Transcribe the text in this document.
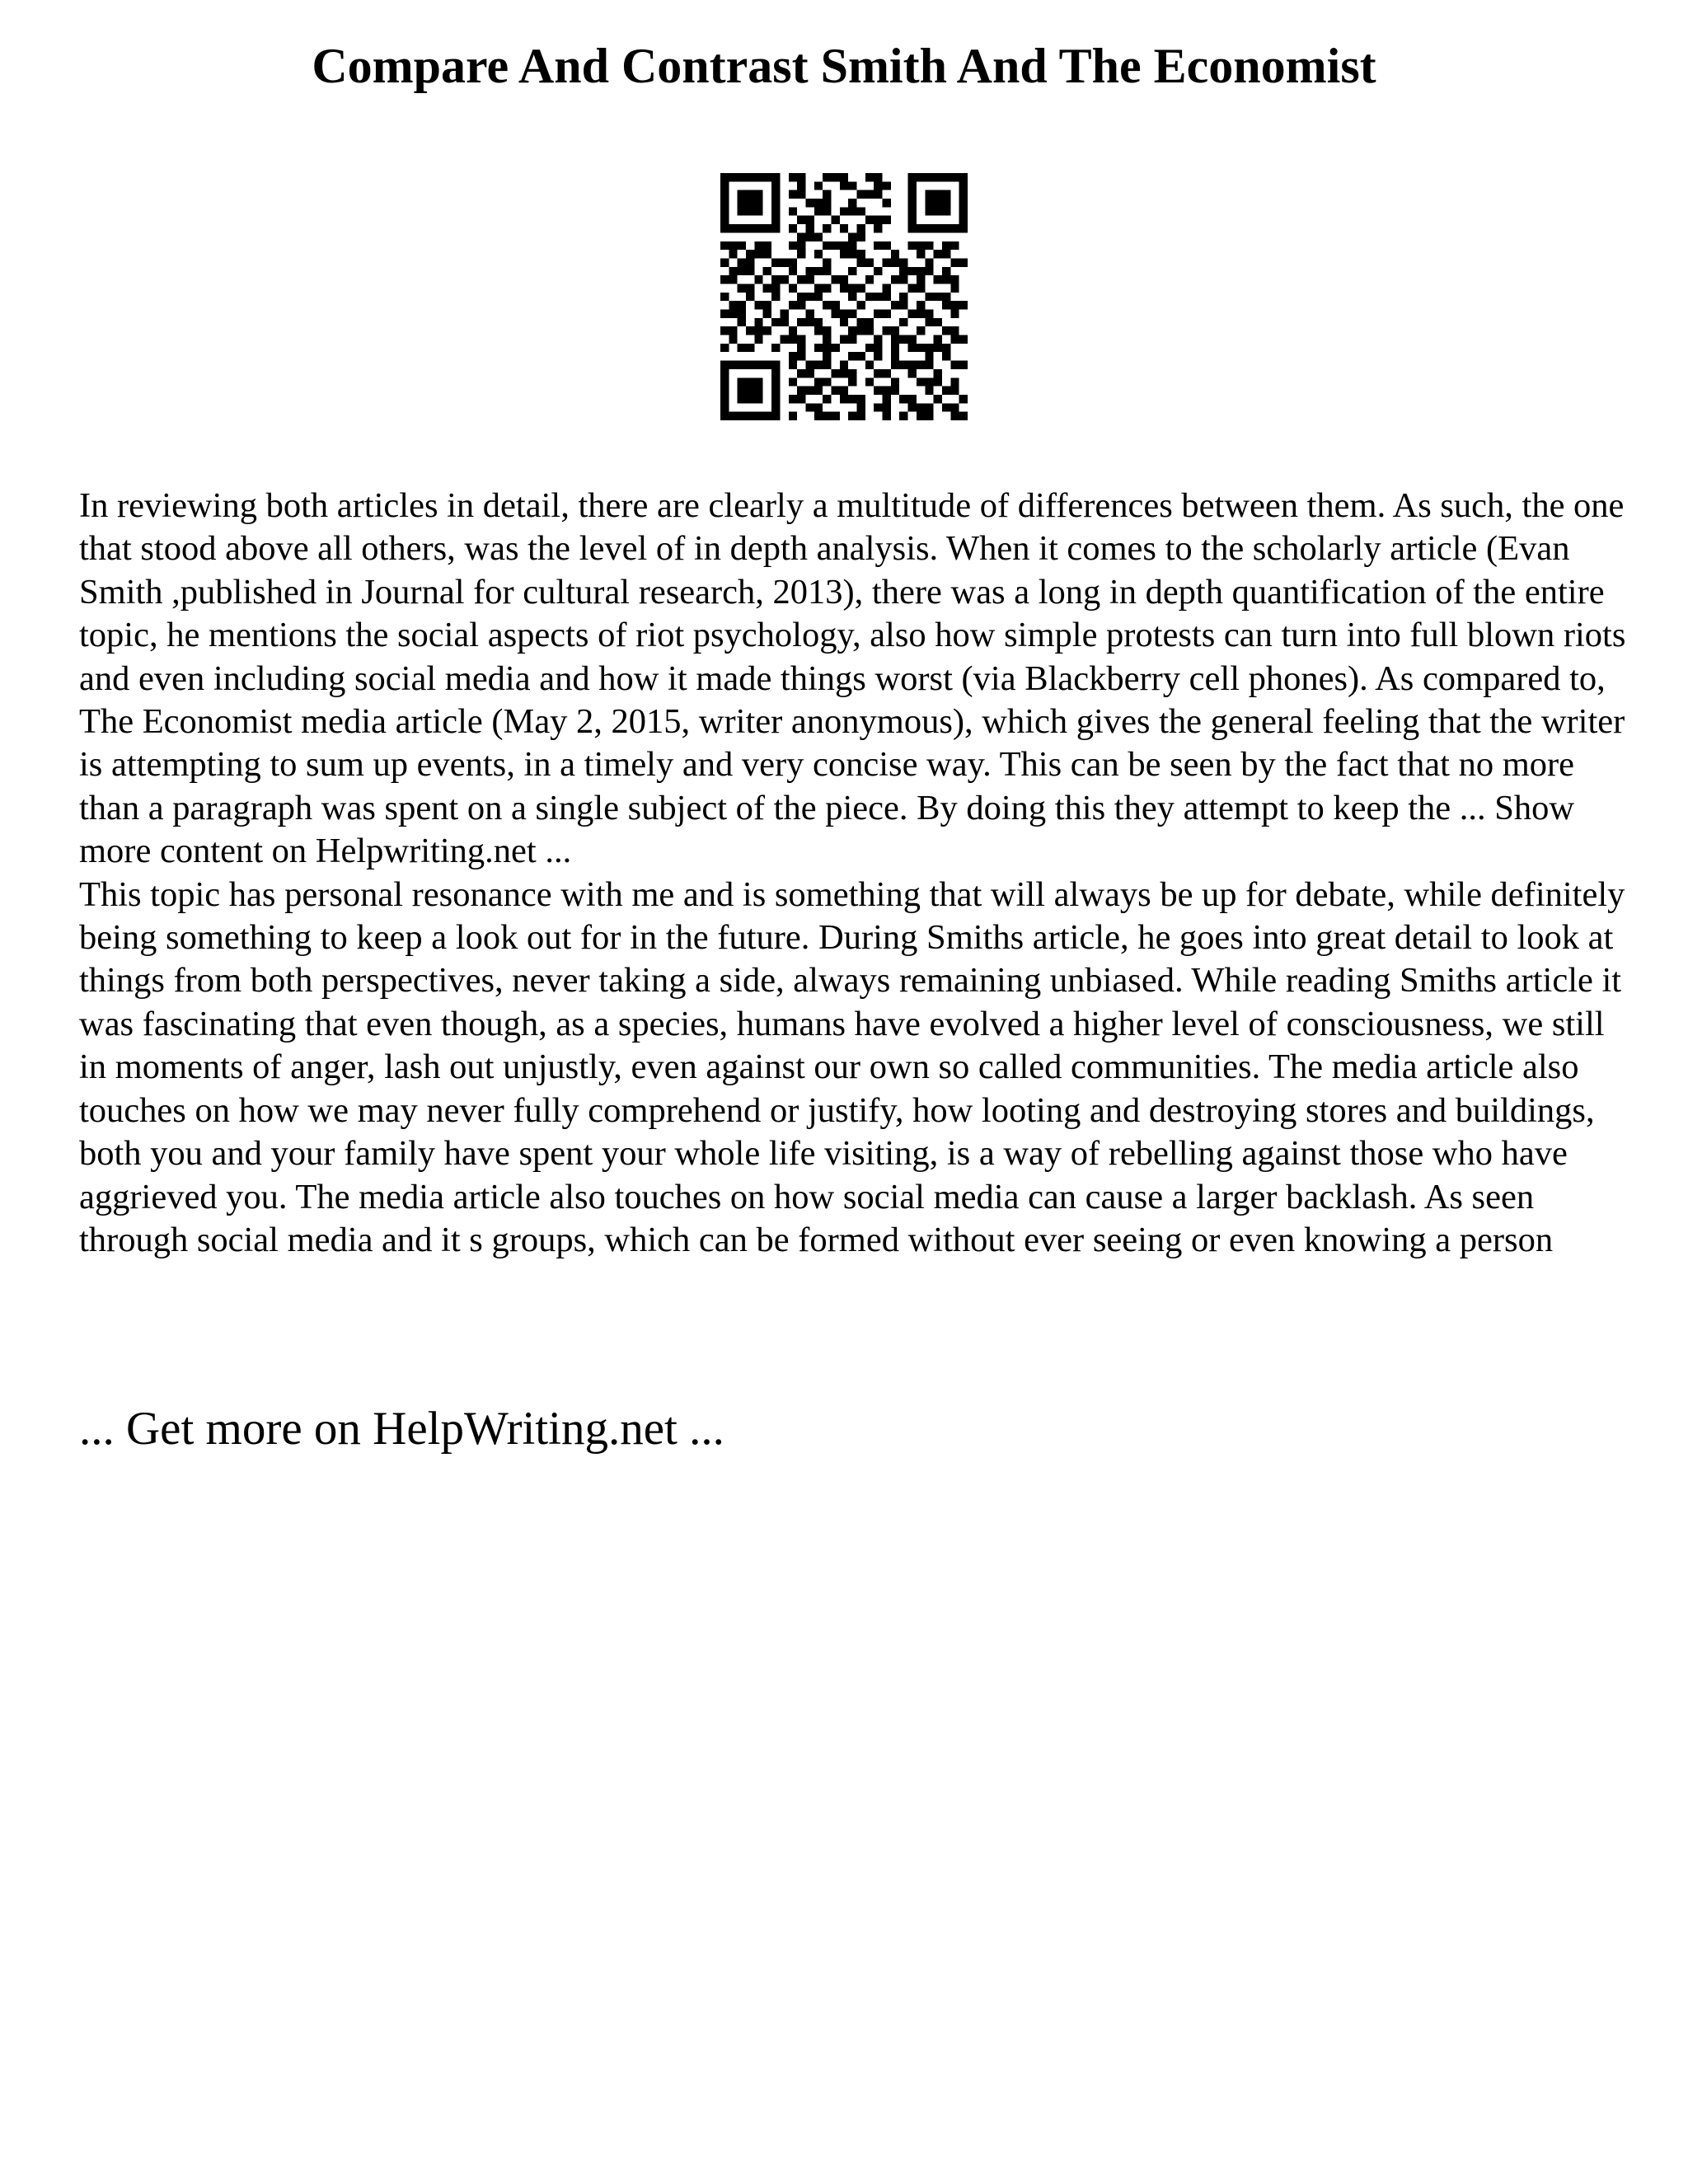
Compare And Contrast Smith And The Economist

In reviewing both articles in detail, there are clearly a multitude of differences between them. As such, the one that stood above all others, was the level of in depth analysis. When it comes to the scholarly article (Evan Smith ,published in Journal for cultural research, 2013), there was a long in depth quantification of the entire topic, he mentions the social aspects of riot psychology, also how simple protests can turn into full blown riots and even including social media and how it made things worst (via Blackberry cell phones). As compared to, The Economist media article (May 2, 2015, writer anonymous), which gives the general feeling that the writer is attempting to sum up events, in a timely and very concise way. This can be seen by the fact that no more than a paragraph was spent on a single subject of the piece. By doing this they attempt to keep the ... Show more content on Helpwriting.net ...

This topic has personal resonance with me and is something that will always be up for debate, while definitely being something to keep a look out for in the future. During Smiths article, he goes into great detail to look at things from both perspectives, never taking a side, always remaining unbiased. While reading Smiths article it was fascinating that even though, as a species, humans have evolved a higher level of consciousness, we still in moments of anger, lash out unjustly, even against our own so called communities. The media article also touches on how we may never fully comprehend or justify, how looting and destroying stores and buildings, both you and your family have spent your whole life visiting, is a way of rebelling against those who have aggrieved you. The media article also touches on how social media can cause a larger backlash. As seen through social media and it s groups, which can be formed without ever seeing or even knowing a person

... Get more on HelpWriting.net ...
